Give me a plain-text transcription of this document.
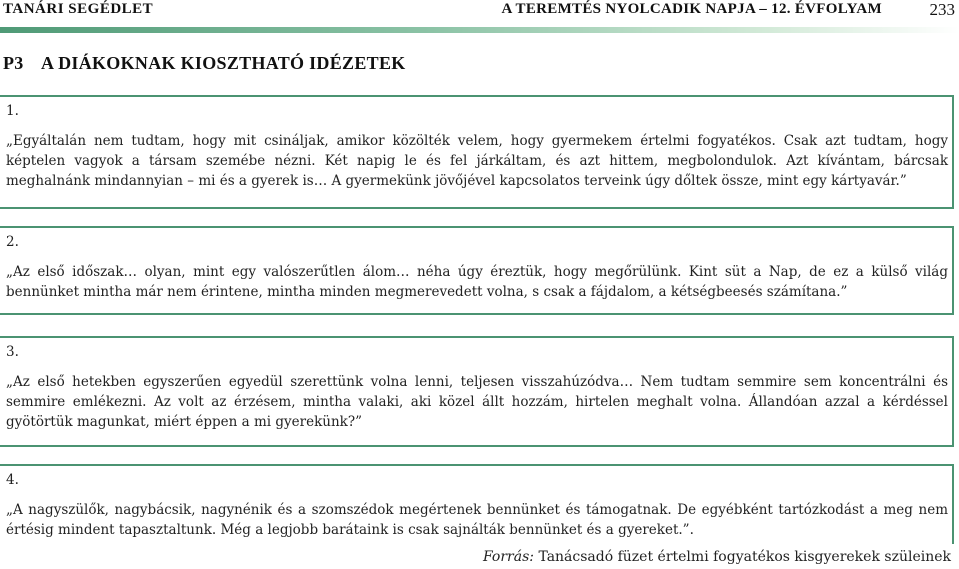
TANÁRI SEGÉDLET	A TEREMTÉS NYOLCADIK NAPJA – 12. ÉVFOLYAM	233
P3 A DIÁKOKNAK KIOSZTHATÓ IDÉZETEK
1.
„Egyáltalán nem tudtam, hogy mit csináljak, amikor közölték velem, hogy gyermekem értelmi fogyatékos. Csak azt tudtam, hogy képtelen vagyok a társam szemébe nézni. Két napig le és fel járkáltam, és azt hittem, megbolondulok. Azt kívántam, bárcsak meghalnánk mindannyian – mi és a gyerek is… A gyermekünk jövőjével kapcsolatos terveink úgy dőltek össze, mint egy kártyavár.”
2.
„Az első időszak… olyan, mint egy valószerűtlen álom… néha úgy éreztük, hogy megőrülünk. Kint süt a Nap, de ez a külső világ bennünket mintha már nem érintene, mintha minden megmerevedett volna, s csak a fájdalom, a kétségbeesés számítana.”
3.
„Az első hetekben egyszerűen egyedül szerettünk volna lenni, teljesen visszahúzódva… Nem tudtam semmire sem koncentrálni és semmire emlékezni. Az volt az érzésem, mintha valaki, aki közel állt hozzám, hirtelen meghalt volna. Állandóan azzal a kérdéssel gyötörtük magunkat, miért éppen a mi gyerekünk?”
4.
„A nagyszülők, nagybácsik, nagynénik és a szomszédok megértenek bennünket és támogatnak. De egyébként tartózkodást a meg nem értésig mindent tapasztaltunk. Még a legjobb barátaink is csak sajnálták bennünket és a gyereket.”.
Forrás: Tanácsadó füzet értelmi fogyatékos kisgyerekek szüleinek
